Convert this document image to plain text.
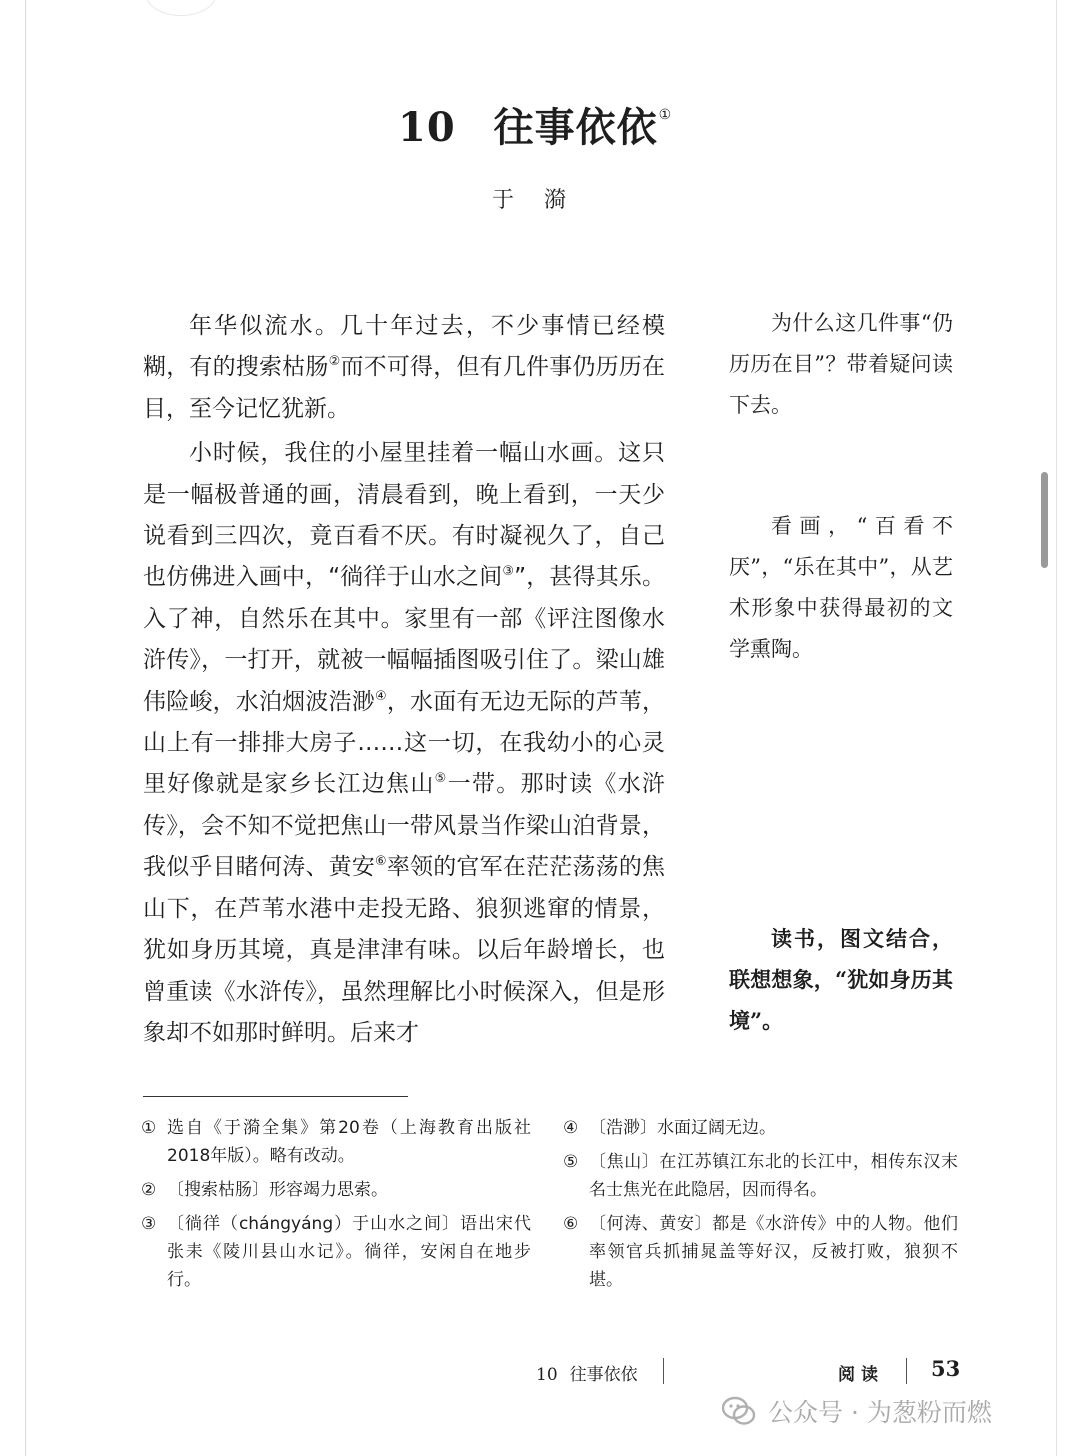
10 往事依依①
于漪

年华似流水。几十年过去，不少事情已经模糊，有的搜索枯肠②而不可得，但有几件事仍历历在目，至今记忆犹新。

小时候，我住的小屋里挂着一幅山水画。这只是一幅极普通的画，清晨看到，晚上看到，一天少说看到三四次，竟百看不厌。有时凝视久了，自己也仿佛进入画中，“徜徉于山水之间③”，甚得其乐。入了神，自然乐在其中。家里有一部《评注图像水浒传》，一打开，就被一幅幅插图吸引住了。梁山雄伟险峻，水泊烟波浩渺④，水面有无边无际的芦苇，山上有一排排大房子……这一切，在我幼小的心灵里好像就是家乡长江边焦山⑤一带。那时读《水浒传》，会不知不觉把焦山一带风景当作梁山泊背景，我似乎目睹何涛、黄安⑥率领的官军在茫茫荡荡的焦山下，在芦苇水港中走投无路、狼狈逃窜的情景，犹如身历其境，真是津津有味。以后年龄增长，也曾重读《水浒传》，虽然理解比小时候深入，但是形象却不如那时鲜明。后来才

为什么这几件事“仍历历在目”？带着疑问读下去。

看画，“百看不厌”，“乐在其中”，从艺术形象中获得最初的文学熏陶。

读书，图文结合，联想想象，“犹如身历其境”。

① 选自《于漪全集》第20卷（上海教育出版社2018年版）。略有改动。
② 〔搜索枯肠〕形容竭力思索。
③ 〔徜徉（chángyáng）于山水之间〕语出宋代张耒《陵川县山水记》。徜徉，安闲自在地步行。
④ 〔浩渺〕水面辽阔无边。
⑤ 〔焦山〕在江苏镇江东北的长江中，相传东汉末名士焦光在此隐居，因而得名。
⑥ 〔何涛、黄安〕都是《水浒传》中的人物。他们率领官兵抓捕晁盖等好汉，反被打败，狼狈不堪。
10 往事依依	阅读 53
公众号 · 为葱粉而燃
